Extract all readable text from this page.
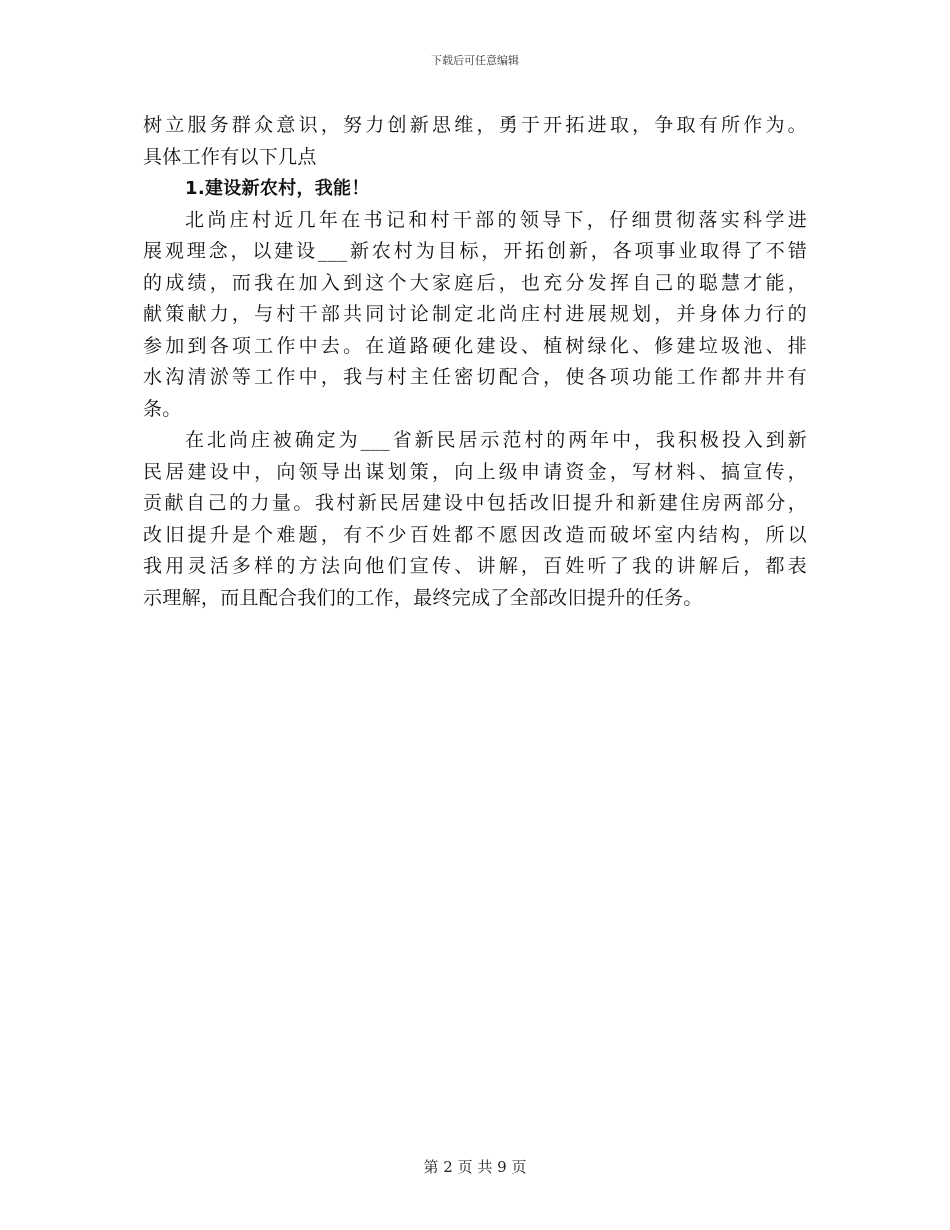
下载后可任意编辑
树立服务群众意识，努力创新思维，勇于开拓进取，争取有所作为。
具体工作有以下几点
1.建设新农村，我能！
北尚庄村近几年在书记和村干部的领导下，仔细贯彻落实科学进
展观理念，以建设___新农村为目标，开拓创新，各项事业取得了不错
的成绩，而我在加入到这个大家庭后，也充分发挥自己的聪慧才能，
献策献力，与村干部共同讨论制定北尚庄村进展规划，并身体力行的
参加到各项工作中去。在道路硬化建设、植树绿化、修建垃圾池、排
水沟清淤等工作中，我与村主任密切配合，使各项功能工作都井井有
条。
在北尚庄被确定为___省新民居示范村的两年中，我积极投入到新
民居建设中，向领导出谋划策，向上级申请资金，写材料、搞宣传，
贡献自己的力量。我村新民居建设中包括改旧提升和新建住房两部分，
改旧提升是个难题，有不少百姓都不愿因改造而破坏室内结构，所以
我用灵活多样的方法向他们宣传、讲解，百姓听了我的讲解后，都表
示理解，而且配合我们的工作，最终完成了全部改旧提升的任务。
第 2 页 共 9 页
